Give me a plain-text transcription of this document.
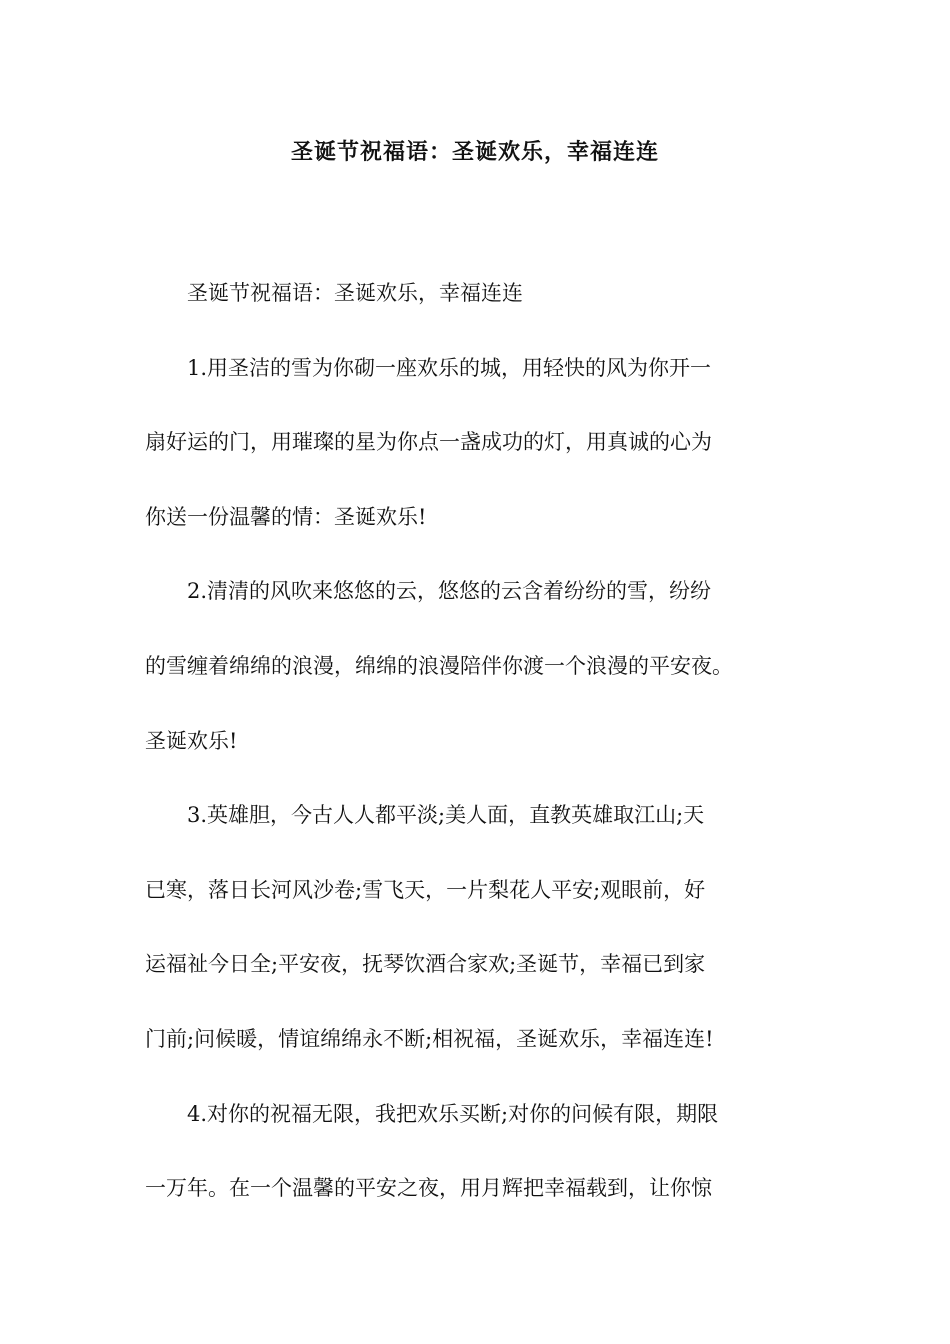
圣诞节祝福语：圣诞欢乐，幸福连连

圣诞节祝福语：圣诞欢乐，幸福连连

1.用圣洁的雪为你砌一座欢乐的城，用轻快的风为你开一
扇好运的门，用璀璨的星为你点一盏成功的灯，用真诚的心为
你送一份温馨的情：圣诞欢乐!

2.清清的风吹来悠悠的云，悠悠的云含着纷纷的雪，纷纷
的雪缠着绵绵的浪漫，绵绵的浪漫陪伴你渡一个浪漫的平安夜。
圣诞欢乐!

3.英雄胆，今古人人都平淡;美人面，直教英雄取江山;天
已寒，落日长河风沙卷;雪飞天，一片梨花人平安;观眼前，好
运福祉今日全;平安夜，抚琴饮酒合家欢;圣诞节，幸福已到家
门前;问候暖，情谊绵绵永不断;相祝福，圣诞欢乐，幸福连连!

4.对你的祝福无限，我把欢乐买断;对你的问候有限，期限
一万年。在一个温馨的平安之夜，用月辉把幸福载到，让你惊
